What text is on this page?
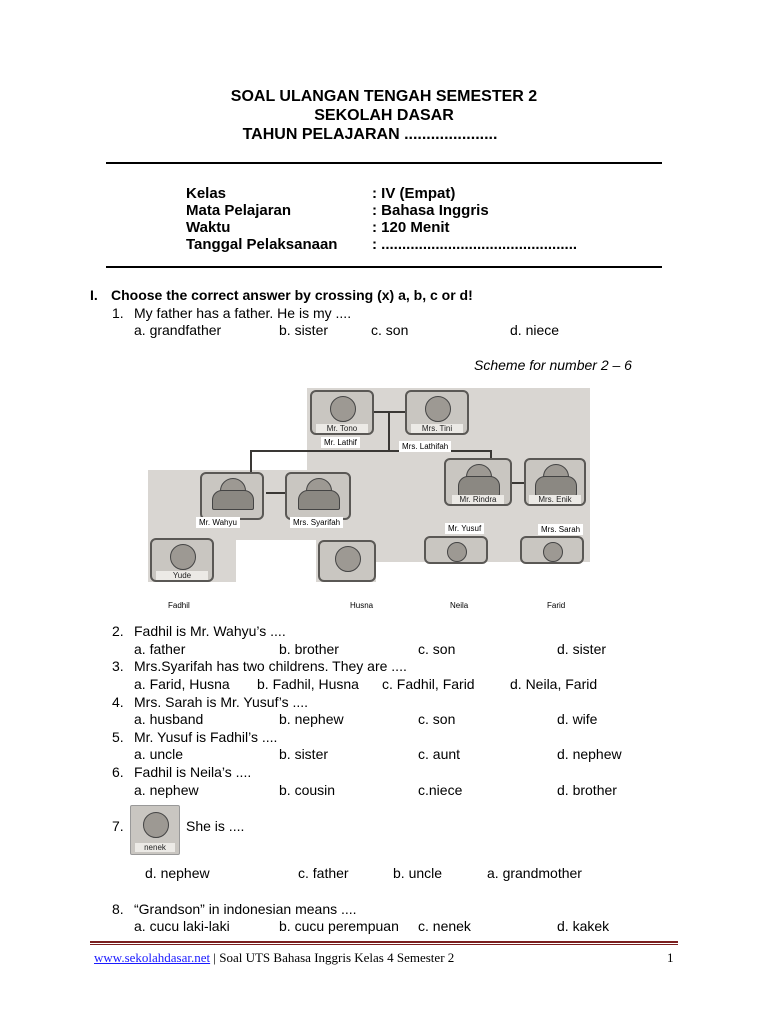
SOAL ULANGAN TENGAH SEMESTER 2
SEKOLAH DASAR
TAHUN PELAJARAN .....................
Kelas	: IV (Empat)
Mata Pelajaran	: Bahasa Inggris
Waktu	: 120 Menit
Tanggal Pelaksanaan : ...............................................
I. Choose the correct answer by crossing (x) a, b, c or d!
1. My father has a father. He is my ....
a. grandfather	b. sister	c. son	d. niece
Scheme for number 2 – 6
Mr. Tono	Mrs. Tini
Mr. Lathif	Mrs. Lathifah
Mr. Rindra	Mrs. Enik
Mr. Wahyu	Mrs. Syarifah
Mr. Yusuf	Mrs. Sarah
Yude
Fadhil	Husna	Neila	Farid
2. Fadhil is Mr. Wahyu’s ....
a. father	b. brother	c. son	d. sister
3. Mrs.Syarifah has two childrens. They are ....
a. Farid, Husna b. Fadhil, Husna c. Fadhil, Farid	d. Neila, Farid
4. Mrs. Sarah is Mr. Yusuf’s ....
a. husband	b. nephew	c. son	d. wife
5. Mr. Yusuf is Fadhil’s ....
a. uncle	b. sister	c. aunt	d. nephew
6. Fadhil is Neila’s ....
a. nephew	b. cousin	c.niece	d. brother
7.
nenek
She is ....
d. nephew	c. father	b. uncle	a. grandmother
8. “Grandson” in indonesian means ....
a. cucu laki-laki	b. cucu perempuan c. nenek	d. kakek
www.sekolahdasar.net | Soal UTS Bahasa Inggris Kelas 4 Semester 2	1
